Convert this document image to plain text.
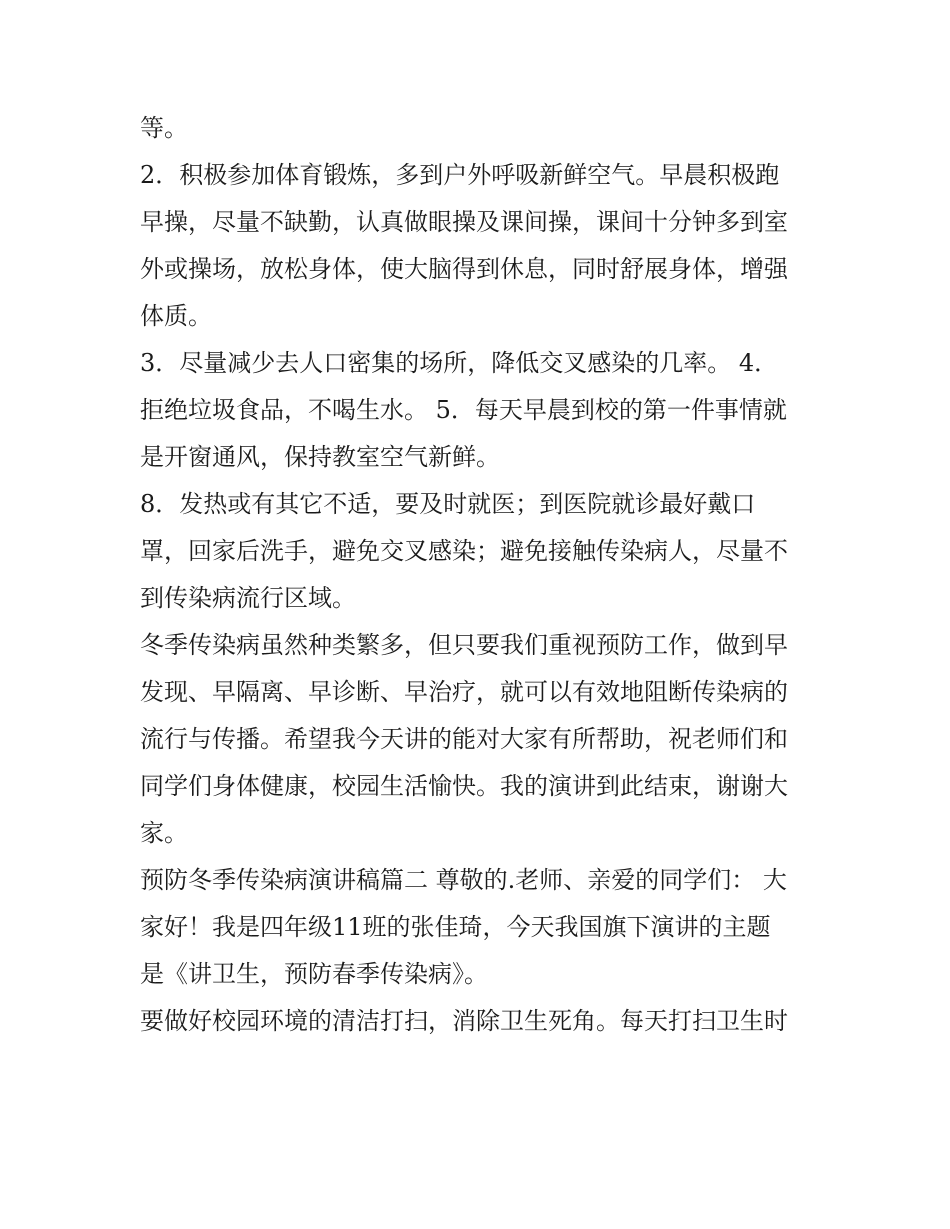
等。

2．积极参加体育锻炼，多到户外呼吸新鲜空气。早晨积极跑
早操，尽量不缺勤，认真做眼操及课间操，课间十分钟多到室
外或操场，放松身体，使大脑得到休息，同时舒展身体，增强
体质。

3．尽量减少去人口密集的场所，降低交叉感染的几率。 4．
拒绝垃圾食品，不喝生水。 5．每天早晨到校的第一件事情就
是开窗通风，保持教室空气新鲜。

8．发热或有其它不适，要及时就医；到医院就诊最好戴口
罩，回家后洗手，避免交叉感染；避免接触传染病人，尽量不
到传染病流行区域。

冬季传染病虽然种类繁多，但只要我们重视预防工作，做到早
发现、早隔离、早诊断、早治疗，就可以有效地阻断传染病的
流行与传播。希望我今天讲的能对大家有所帮助，祝老师们和
同学们身体健康，校园生活愉快。我的演讲到此结束，谢谢大
家。

预防冬季传染病演讲稿篇二 尊敬的.老师、亲爱的同学们： 大
家好！我是四年级11班的张佳琦，今天我国旗下演讲的主题
是《讲卫生，预防春季传染病》。

要做好校园环境的清洁打扫，消除卫生死角。每天打扫卫生时
